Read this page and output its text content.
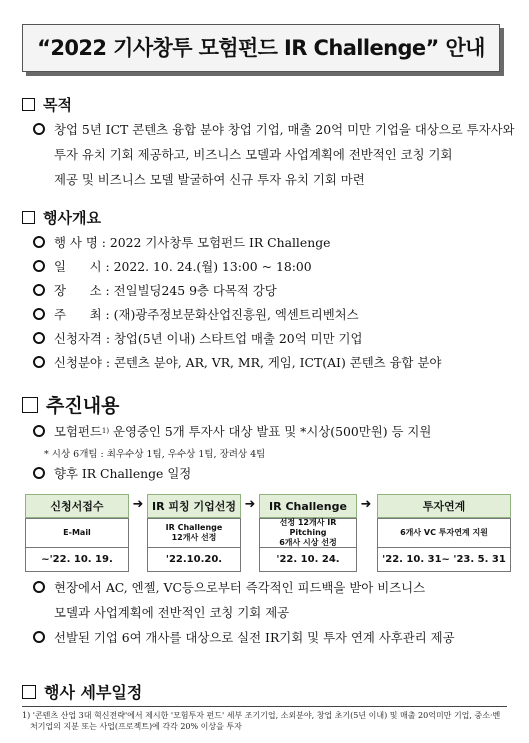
“2022 기사창투 모험펀드 IR Challenge” 안내
목적
창업 5년 ICT 콘텐츠 융합 분야 창업 기업, 매출 20억 미만 기업을 대상으로 투자사와
투자 유치 기회 제공하고, 비즈니스 모델과 사업계획에 전반적인 코칭 기회
제공 및 비즈니스 모델 발굴하여 신규 투자 유치 기회 마련
행사개요
행 사 명 : 2022 기사창투 모험펀드 IR Challenge
일      시 : 2022. 10. 24.(월) 13:00 ~ 18:00
장      소 : 전일빌딩245 9층 다목적 강당
주      최 : (재)광주정보문화산업진흥원, 엑센트리벤처스
신청자격 : 창업(5년 이내) 스타트업 매출 20억 미만 기업
신청분야 : 콘텐츠 분야, AR, VR, MR, 게임, ICT(AI) 콘텐츠 융합 분야
추진내용
모험펀드 1) 운영중인 5개 투자사 대상 발표 및 *시상(500만원) 등 지원
* 시상 6개팀 : 최우수상 1팀, 우수상 1팀, 장려상 4팀
향후 IR Challenge 일정
신청서접수
E-Mail
~'22. 10. 19.
➜ IR 피칭 기업선정
IR Challenge
12개사 선정
'22.10.20.
➜	IR Challenge
선정 12개사 IR Pitching
6개사 시상 선정
'22. 10. 24.
➜	투자연계
6개사 VC 투자연계 지원
'22. 10. 31~ '23. 5. 31
현장에서 AC, 엔젤, VC등으로부터 즉각적인 피드백을 받아 비즈니스
모델과 사업계획에 전반적인 코칭 기회 제공
선발된 기업 6여 개사를 대상으로 실전 IR기회 및 투자 연계 사후관리 제공
행사 세부일정
1) '콘텐츠 산업 3대 혁신전략'에서 제시한 '모험투자 펀드' 세부 조기기업, 소외분야, 창업 초기(5년 이내) 및 매출 20억미만 기업, 중소·벤
처기업의 지분 또는 사업(프로젝트)에 각각 20% 이상을 투자
